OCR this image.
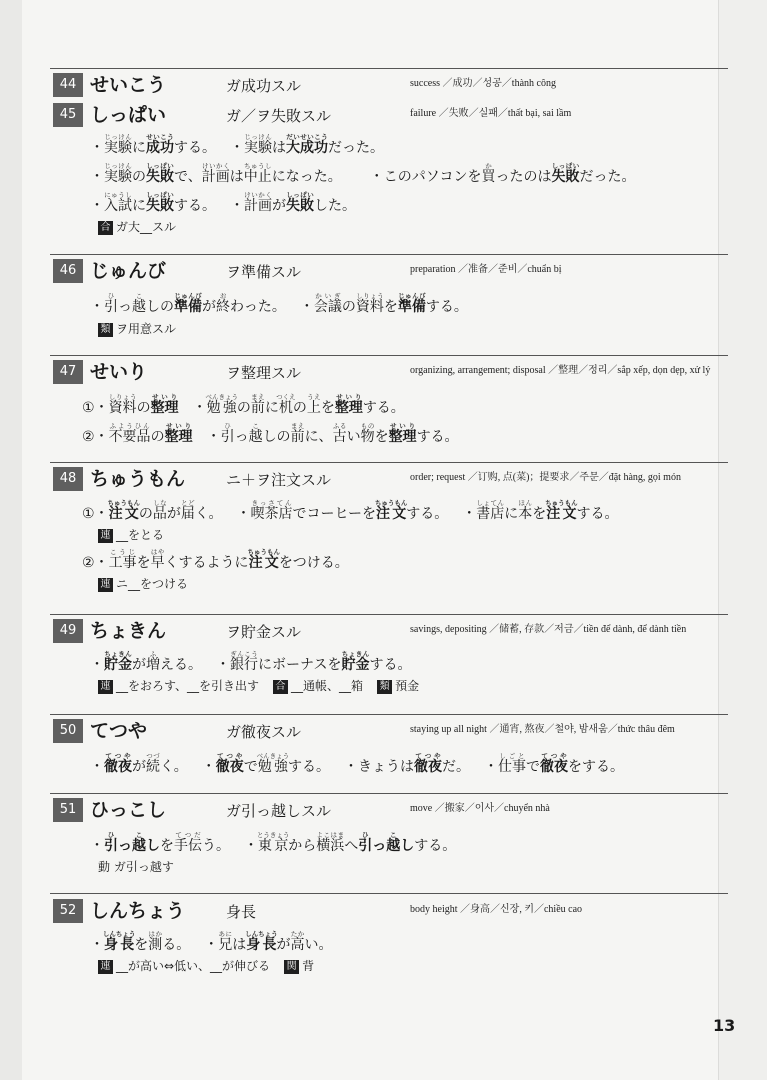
44 せいこう	ガ成功スル	success ／成功／성공／thành công
45 しっぱい	ガ／ヲ失敗スル	failure ／失败／실패／thất bại, sai lầm
・実験じっけんに成功せいこうする。 ・実験じっけんは大成功だいせいこうだった。
・実験じっけんの失敗しっぱいで、計画けいかくは中止ちゅうしになった。 ・このパソコンを買かったのは失敗しっぱいだった。
・入試にゅうしに失敗しっぱいする。 ・計画けいかくが失敗しっぱいした。
合 ガ大__スル
46 じゅんび	ヲ準備スル	preparation ／准备／준비／chuẩn bị
・引ひっ越こしの準備じゅんびが終おわった。 ・会議かいぎの資料しりょうを準備じゅんびする。
類 ヲ用意スル
47 せいり	ヲ整理スル	organizing, arrangement; disposal ／整理／정리／sắp xếp, dọn dẹp, xử lý
①・資料しりょうの整理せいり・勉強べんきょうの前まえに机つくえの上うえを整理せいりする。
②・不要品ふようひんの整理せいり・引ひっ越こしの前まえに、古ふるい物ものを整理せいりする。
48 ちゅうもん	ニ＋ヲ注文スル	order; request ／订购, 点(菜)；提要求／주문／đặt hàng, gọi món
①・注文ちゅうもんの品しなが届とどく。 ・喫茶店きっさてんでコーヒーを注文ちゅうもんする。 ・書店しょてんに本ほんを注文ちゅうもんする。
連 __をとる
②・工事こうじを早はやくするように注文ちゅうもんをつける。
連 ニ__をつける
49 ちょきん	ヲ貯金スル	savings, depositing ／储蓄, 存款／저금／tiền để dành, để dành tiền
・貯金ちょきんが増ふえる。 ・銀行ぎんこうにボーナスを貯金ちょきんする。
連 __をおろす、__を引き出す 合 __通帳、__箱 類 預金
50 てつや	ガ徹夜スル	staying up all night ／通宵, 熬夜／철야, 밤새움／thức thâu đêm
・徹夜てつやが続つづく。 ・徹夜てつやで勉強べんきょうする。 ・きょうは徹夜てつやだ。 ・仕事しごとで徹夜てつやをする。
51 ひっこし	ガ引っ越しスル	move ／搬家／이사／chuyển nhà
・引ひっ越こしを手伝てつだう。 ・東京とうきょうから横浜よこはまへ引ひっ越こしする。
動 ガ引っ越す
52 しんちょう	身長	body height ／身高／신장, 키／chiều cao
・身長しんちょうを測はかる。 ・兄あには身長しんちょうが高たかい。
連 __が高い⇔低い、__が伸びる 関 背
13
